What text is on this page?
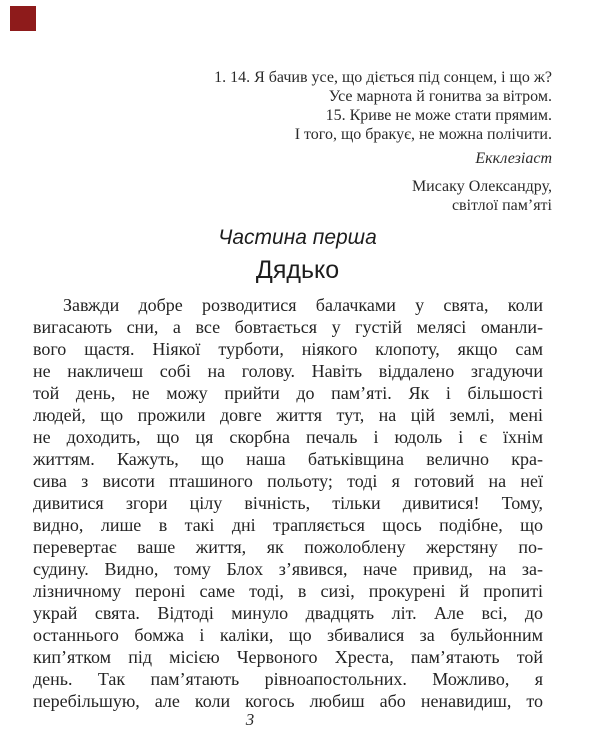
1. 14. Я бачив усе, що діється під сонцем, і що ж?
Усе марнота й гонитва за вітром.
15. Криве не може стати прямим.
І того, що бракує, не можна полічити.
Екклезіаст
Мисаку Олександру,
світлої пам’яті
Частина перша
Дядько
Завжди добре розводитися балачками у свята, коли
вигасають сни, а все бовтається у густій мелясі оманли-
вого щастя. Ніякої турботи, ніякого клопоту, якщо сам
не накличеш собі на голову. Навіть віддалено згадуючи
той день, не можу прийти до пам’яті. Як і більшості
людей, що прожили довге життя тут, на цій землі, мені
не доходить, що ця скорбна печаль і юдоль і є їхнім
життям. Кажуть, що наша батьківщина велично кра-
сива з висоти пташиного польоту; тоді я готовий на неї
дивитися згори цілу вічність, тільки дивитися! Тому,
видно, лише в такі дні трапляється щось подібне, що
перевертає ваше життя, як пожолоблену жерстяну по-
судину. Видно, тому Блох з’явився, наче привид, на за-
лізничному пероні саме тоді, в сизі, прокурені й пропиті
украй свята. Відтоді минуло двадцять літ. Але всі, до
останнього бомжа і каліки, що збивалися за бульйонним
кип’ятком під місією Червоного Хреста, пам’ятають той
день. Так пам’ятають рівноапостольних. Можливо, я
перебільшую, але коли когось любиш або ненавидиш, то
3
